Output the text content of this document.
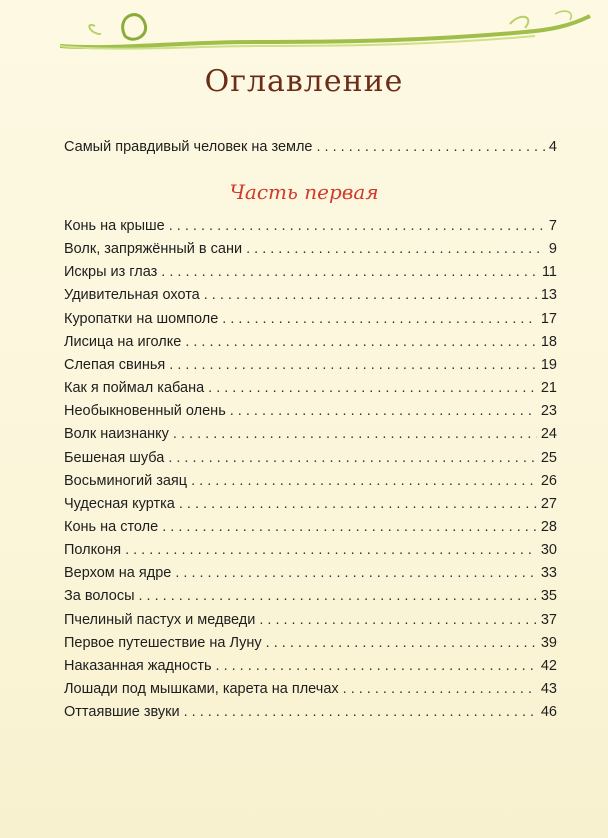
Оглавление
Самый правдивый человек на земле . . .	4
Часть первая
Конь на крыше . . .	7
Волк, запряжённый в сани . . .	9
Искры из глаз . . .	11
Удивительная охота . . .	13
Куропатки на шомполе . . .	17
Лисица на иголке . . .	18
Слепая свинья . . .	19
Как я поймал кабана . . .	21
Необыкновенный олень . . .	23
Волк наизнанку . . .	24
Бешеная шуба . . .	25
Восьминогий заяц . . .	26
Чудесная куртка . . .	27
Конь на столе . . .	28
Полконя . . .	30
Верхом на ядре . . .	33
За волосы . . .	35
Пчелиный пастух и медведи . . .	37
Первое путешествие на Луну . . .	39
Наказанная жадность . . .	42
Лошади под мышками, карета на плечах . . .	43
Оттаявшие звуки . . .	46
